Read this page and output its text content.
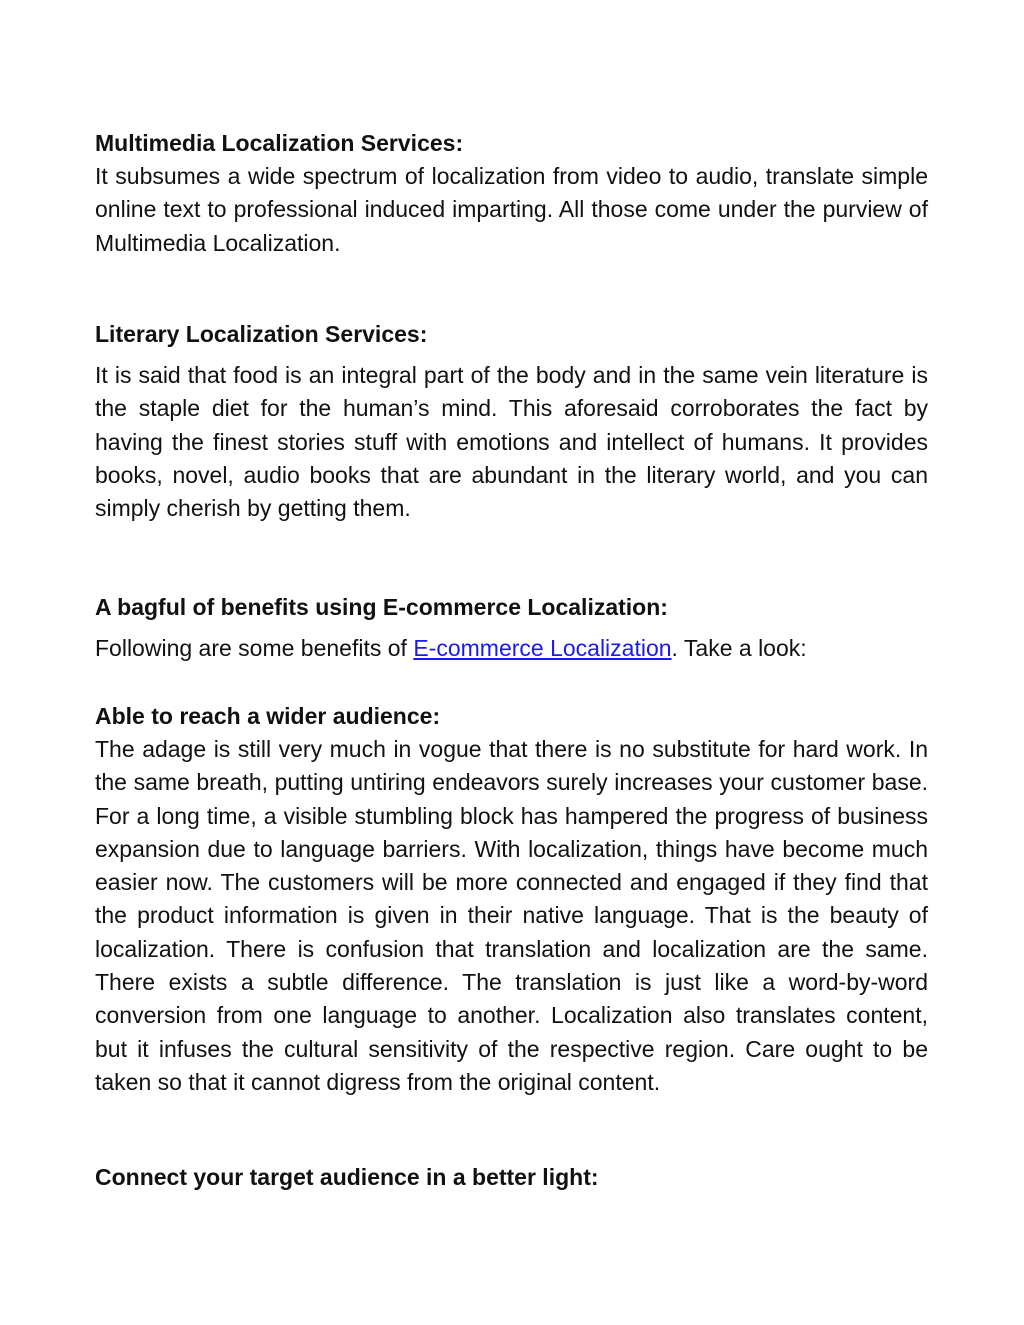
Multimedia Localization Services:

It subsumes a wide spectrum of localization from video to audio, translate simple online text to professional induced imparting. All those come under the purview of Multimedia Localization.

Literary Localization Services:

It is said that food is an integral part of the body and in the same vein literature is the staple diet for the human’s mind. This aforesaid corroborates the fact by having the finest stories stuff with emotions and intellect of humans. It provides books, novel, audio books that are abundant in the literary world, and you can simply cherish by getting them.

A bagful of benefits using E-commerce Localization:

Following are some benefits of E-commerce Localization. Take a look:

Able to reach a wider audience:

The adage is still very much in vogue that there is no substitute for hard work. In the same breath, putting untiring endeavors surely increases your customer base. For a long time, a visible stumbling block has hampered the progress of business expansion due to language barriers. With localization, things have become much easier now. The customers will be more connected and engaged if they find that the product information is given in their native language. That is the beauty of localization. There is confusion that translation and localization are the same. There exists a subtle difference. The translation is just like a word-by-word conversion from one language to another. Localization also translates content, but it infuses the cultural sensitivity of the respective region. Care ought to be taken so that it cannot digress from the original content.

Connect your target audience in a better light:
